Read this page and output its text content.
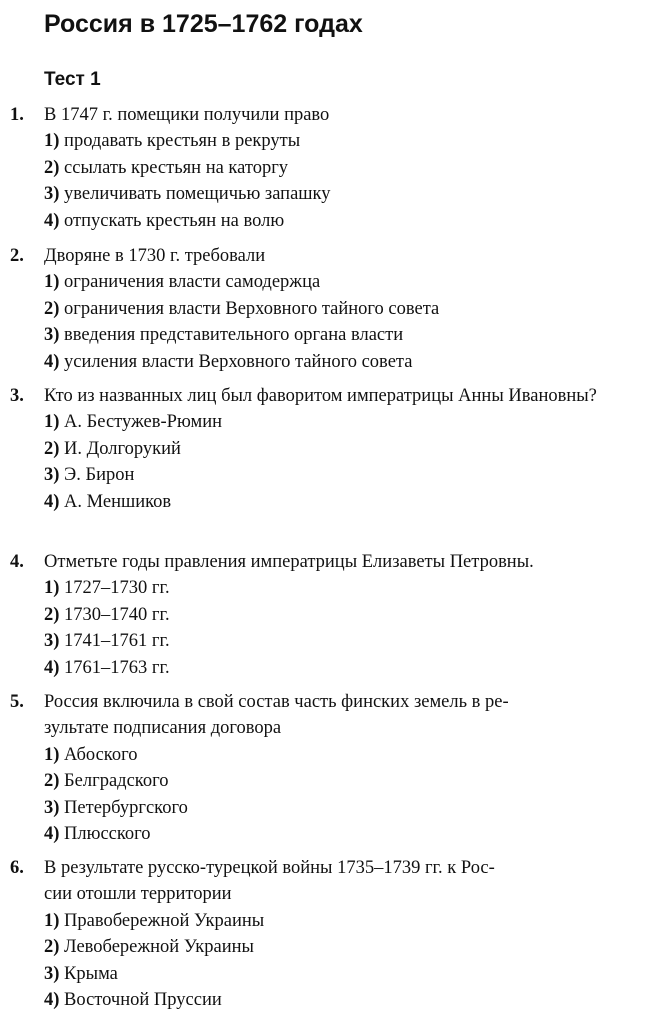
Россия в 1725–1762 годах
Тест 1
1. В 1747 г. помещики получили право
1) продавать крестьян в рекруты
2) ссылать крестьян на каторгу
3) увеличивать помещичью запашку
4) отпускать крестьян на волю
2. Дворяне в 1730 г. требовали
1) ограничения власти самодержца
2) ограничения власти Верховного тайного совета
3) введения представительного органа власти
4) усиления власти Верховного тайного совета
3. Кто из названных лиц был фаворитом императрицы Анны Ивановны?
1) А. Бестужев-Рюмин
2) И. Долгорукий
3) Э. Бирон
4) А. Меншиков
4. Отметьте годы правления императрицы Елизаветы Петровны.
1) 1727–1730 гг.
2) 1730–1740 гг.
3) 1741–1761 гг.
4) 1761–1763 гг.
5. Россия включила в свой состав часть финских земель в ре-
зультате подписания договора
1) Абоского
2) Белградского
3) Петербургского
4) Плюсского
6. В результате русско-турецкой войны 1735–1739 гг. к Рос-
сии отошли территории
1) Правобережной Украины
2) Левобережной Украины
3) Крыма
4) Восточной Пруссии
